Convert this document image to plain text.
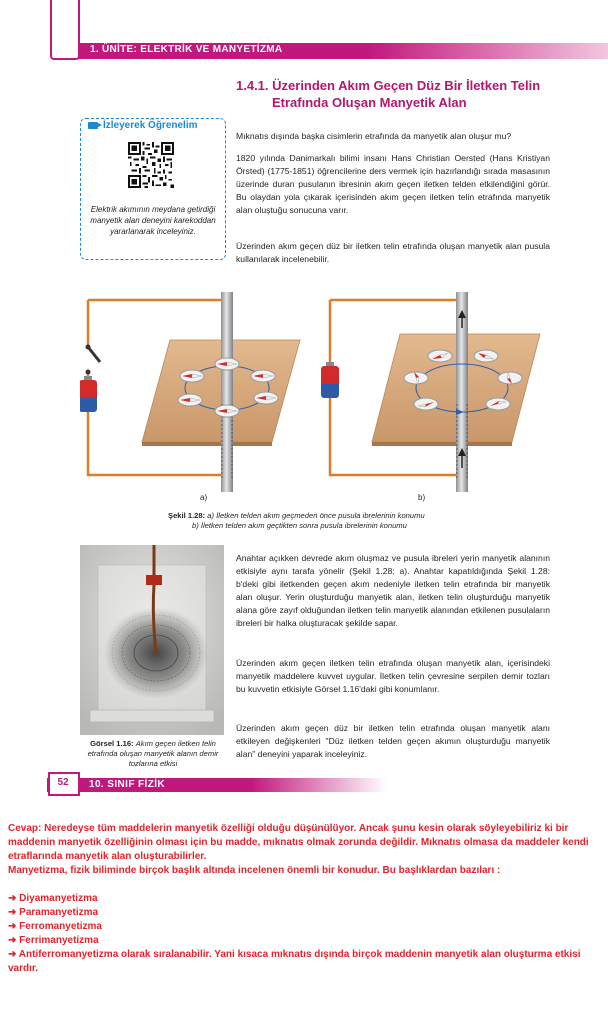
1. ÜNİTE: ELEKTRİK VE MANYETİZMA
1.4.1. Üzerinden Akım Geçen Düz Bir İletken Telin
Etrafında Oluşan Manyetik Alan
İzleyerek Öğrenelim
Elektrik akımının meydana getirdiği manyetik alan deneyini karekoddan yararlanarak inceleyiniz.
Mıknatıs dışında başka cisimlerin etrafında da manyetik alan oluşur mu?
1820 yılında Danimarkalı bilimi insanı Hans Christian Oersted (Hans Kristiyan Örsted) (1775-1851) öğrencilerine ders vermek için hazırlandığı sırada masasının üzerinde duran pusulanın ibresinin akım geçen iletken telden etkilendiğini görür. Bu olaydan yola çıkarak içerisinden akım geçen iletken telin etrafında manyetik alan oluştuğu sonucuna varır.
Üzerinden akım geçen düz bir iletken telin etrafında oluşan manyetik alan pusula kullanılarak incelenebilir.
a)	b)
Şekil 1.28: a) İletken telden akım geçmeden önce pusula ibrelerinin konumu
b) İletken telden akım geçtikten sonra pusula ibrelerinin konumu
Görsel 1.16: Akım geçen iletken telin etrafında oluşan manyetik alanın demir tozlarına etkisi
Anahtar açıkken devrede akım oluşmaz ve pusula ibreleri yerin manyetik alanının etkisiyle aynı tarafa yönelir (Şekil 1.28: a). Anahtar kapatıldığında Şekil 1.28: b'deki gibi iletkenden geçen akım nedeniyle iletken telin etrafında bir manyetik alan oluşur. Yerin oluşturduğu manyetik alan, iletken telin oluşturduğu manyetik alana göre zayıf olduğundan iletken telin manyetik alanından etkilenen pusulaların ibreleri bir halka oluşturacak şekilde sapar.
Üzerinden akım geçen iletken telin etrafında oluşan manyetik alan, içerisindeki manyetik maddelere kuvvet uygular. İletken telin çevresine serpilen demir tozları bu kuvvetin etkisiyle Görsel 1.16'daki gibi konumlanır.
Üzerinden akım geçen düz bir iletken telin etrafında oluşan manyetik alanı etkileyen değişkenleri "Düz iletken telden geçen akımın oluşturduğu manyetik alan" deneyini yaparak inceleyiniz.
52	10. SINIF FİZİK

Cevap: Neredeyse tüm maddelerin manyetik özelliği olduğu düşünülüyor. Ancak şunu kesin olarak söyleyebiliriz ki bir maddenin manyetik özelliğinin olması için bu madde, mıknatıs olmak zorunda değildir. Mıknatıs olmasa da maddeler kendi etraflarında manyetik alan oluşturabilirler.

Manyetizma, fizik biliminde birçok başlık altında incelenen önemli bir konudur. Bu başlıklardan bazıları :

➜ Diyamanyetizma

➜ Paramanyetizma

➜ Ferromanyetizma

➜ Ferrimanyetizma

➜ Antiferromanyetizma olarak sıralanabilir. Yani kısaca mıknatıs dışında birçok maddenin manyetik alan oluşturma etkisi vardır.
